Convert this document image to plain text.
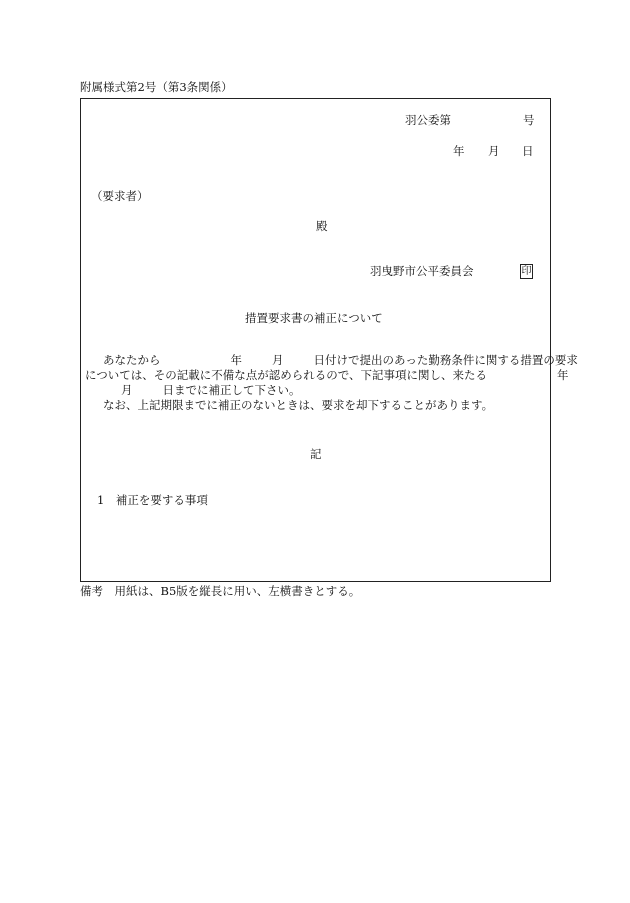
附属様式第2号（第3条関係）
羽公委第	号
年 月 日
（要求者）
殿
羽曳野市公平委員会	印
措置要求書の補正について
あなたから	年	月	日付けで提出のあった勤務条件に関する措置の要求
については、その記載に不備な点が認められるので、下記事項に関し、来たる	年
月	日までに補正して下さい。
なお、上記期限までに補正のないときは、要求を却下することがあります。
記
1　補正を要する事項
備考　用紙は、B5版を縦長に用い、左横書きとする。
